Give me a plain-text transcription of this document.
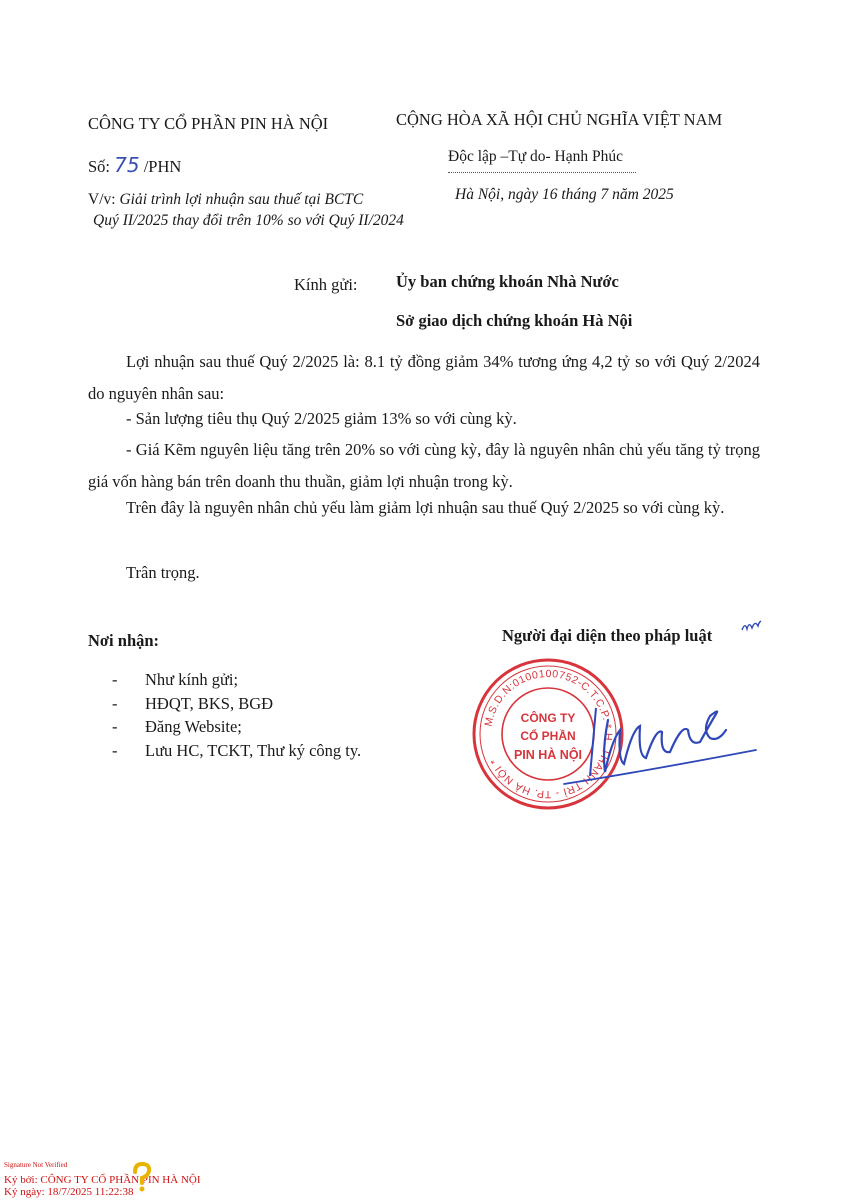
CÔNG TY CỔ PHẦN PIN HÀ NỘI	CỘNG HÒA XÃ HỘI CHỦ NGHĨA VIỆT NAM
Độc lập –Tự do- Hạnh Phúc
Số: 75 /PHN
V/v: Giải trình lợi nhuận sau thuế tại BCTC
Quý II/2025 thay đổi trên 10% so với Quý II/2024
Hà Nội, ngày 16 tháng 7 năm 2025
Kính gửi: Ủy ban chứng khoán Nhà Nước
Sở giao dịch chứng khoán Hà Nội
Lợi nhuận sau thuế Quý 2/2025 là: 8.1 tỷ đồng giảm 34% tương ứng 4,2 tỷ so với Quý 2/2024 do nguyên nhân sau:
- Sản lượng tiêu thụ Quý 2/2025 giảm 13% so với cùng kỳ.
- Giá Kẽm nguyên liệu tăng trên 20% so với cùng kỳ, đây là nguyên nhân chủ yếu tăng tỷ trọng giá vốn hàng bán trên doanh thu thuần, giảm lợi nhuận trong kỳ.
Trên đây là nguyên nhân chủ yếu làm giảm lợi nhuận sau thuế Quý 2/2025 so với cùng kỳ.
Trân trọng.
Nơi nhận:
- Như kính gửi;
- HĐQT, BKS, BGĐ
- Đăng Website;
- Lưu HC, TCKT, Thư ký công ty.
Người đại diện theo pháp luật
M.S.D.N:0100100752-C.T.C.P. * H. THANH TRÌ - TP. HÀ NỘI *
CÔNG TY
CỔ PHẦN
PIN HÀ NỘI
Signature Not Verified
Ký bởi: CÔNG TY CỔ PHẦN PIN HÀ NỘI
Ký ngày: 18/7/2025 11:22:38
